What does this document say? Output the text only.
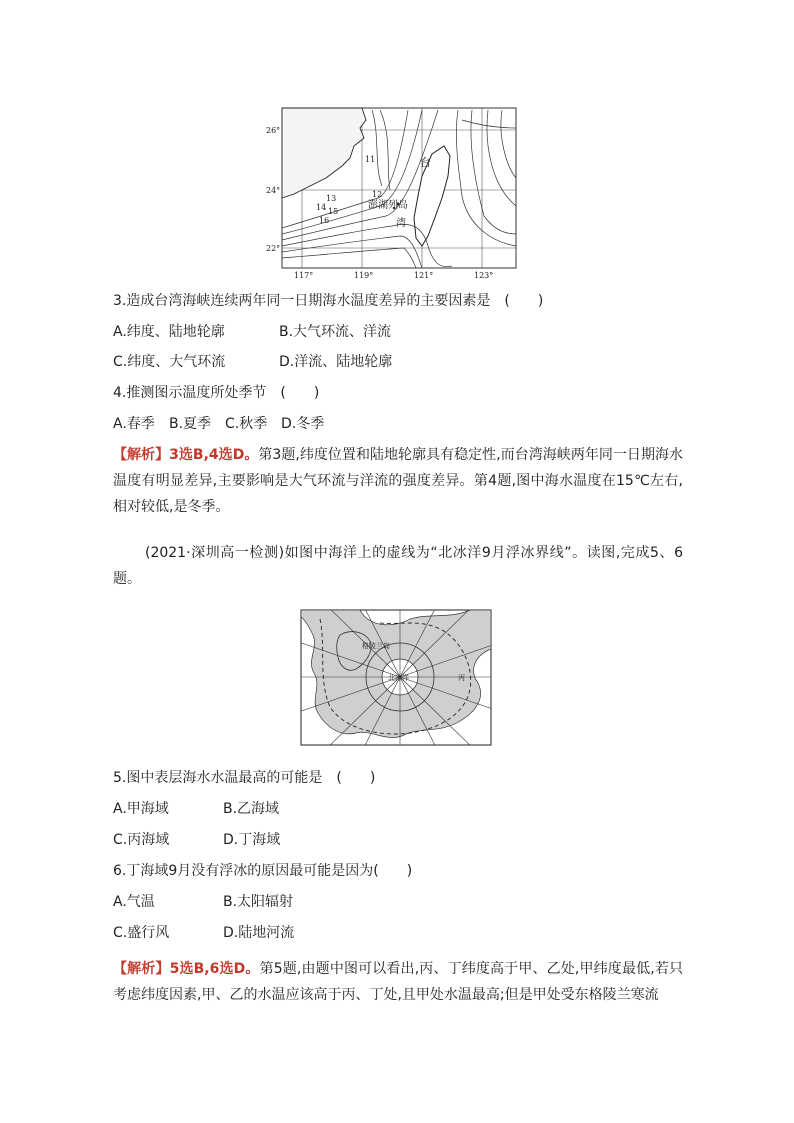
26°
24°
22°
117°	119°	121°	123°
11
12
13
14 15
16
台
澎湖列岛
湾
3.造成台湾海峡连续两年同一日期海水温度差异的主要因素是　(　　)
A.纬度、陆地轮廓	B.大气环流、洋流
C.纬度、大气环流	D.洋流、陆地轮廓
4.推测图示温度所处季节　(　　)
A.春季 B.夏季 C.秋季 D.冬季
【解析】3选B,4选D。第3题,纬度位置和陆地轮廓具有稳定性,而台湾海峡两年同一日期海水温度有明显差异,主要影响是大气环流与洋流的强度差异。第4题,图中海水温度在15℃左右,相对较低,是冬季。
(2021·深圳高一检测)如图中海洋上的虚线为“北冰洋9月浮冰界线”。读图,完成5、6题。
格陵兰岛
北冰洋	丙
5.图中表层海水水温最高的可能是　(　　)
A.甲海域	B.乙海域
C.丙海域	D.丁海域
6.丁海域9月没有浮冰的原因最可能是因为(　　)
A.气温	B.太阳辐射
C.盛行风	D.陆地河流
【解析】5选B,6选D。第5题,由题中图可以看出,丙、丁纬度高于甲、乙处,甲纬度最低,若只考虑纬度因素,甲、乙的水温应该高于丙、丁处,且甲处水温最高;但是甲处受东格陵兰寒流
